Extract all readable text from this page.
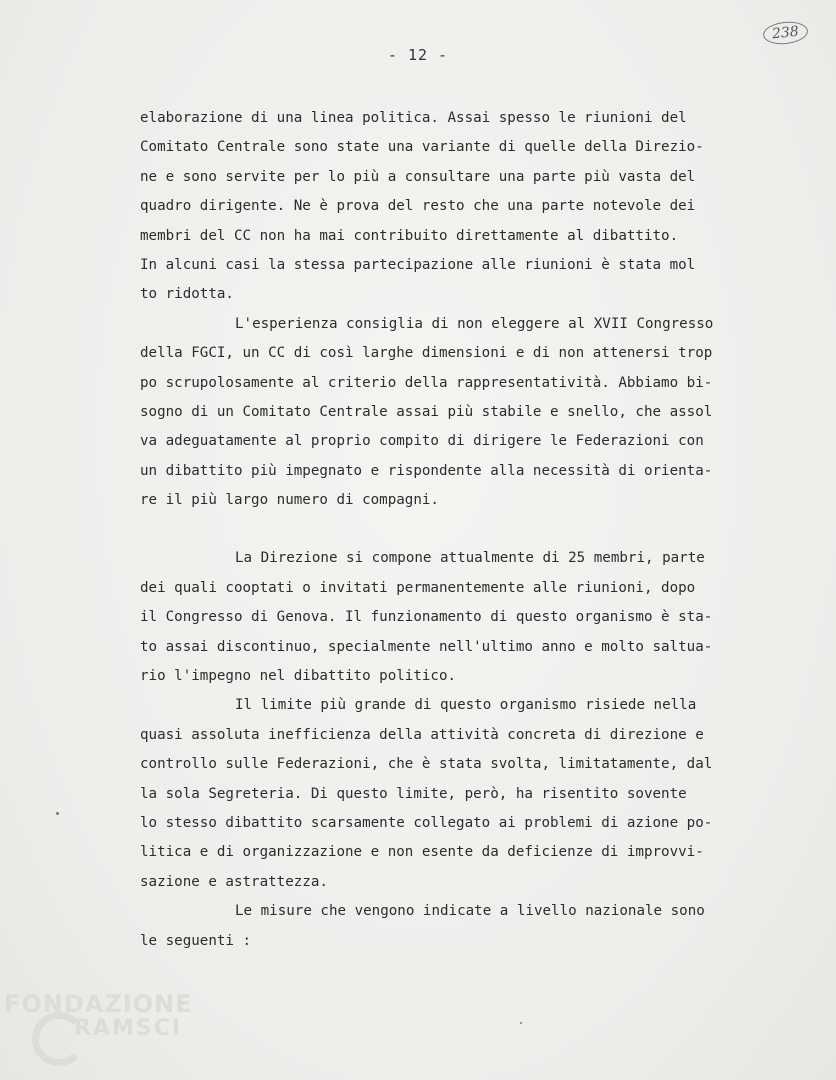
238
- 12 -
elaborazione di una linea politica. Assai spesso le riunioni del
Comitato Centrale sono state una variante di quelle della Direzio-
ne e sono servite per lo più a consultare una parte più vasta del
quadro dirigente. Ne è prova del resto che una parte notevole dei
membri del CC non ha mai contribuito direttamente al dibattito.
In alcuni casi la stessa partecipazione alle riunioni è stata mol
to ridotta.
L'esperienza consiglia di non eleggere al XVII Congresso
della FGCI, un CC di così larghe dimensioni e di non attenersi trop
po scrupolosamente al criterio della rappresentatività. Abbiamo bi-
sogno di un Comitato Centrale assai più stabile e snello, che assol
va adeguatamente al proprio compito di dirigere le Federazioni con
un dibattito più impegnato e rispondente alla necessità di orienta-
re il più largo numero di compagni.
La Direzione si compone attualmente di 25 membri, parte
dei quali cooptati o invitati permanentemente alle riunioni, dopo
il Congresso di Genova. Il funzionamento di questo organismo è sta-
to assai discontinuo, specialmente nell'ultimo anno e molto saltua-
rio l'impegno nel dibattito politico.
Il limite più grande di questo organismo risiede nella
quasi assoluta inefficienza della attività concreta di direzione e
controllo sulle Federazioni, che è stata svolta, limitatamente, dal
la sola Segreteria. Di questo limite, però, ha risentito sovente
lo stesso dibattito scarsamente collegato ai problemi di azione po-
litica e di organizzazione e non esente da deficienze di improvvi-
sazione e astrattezza.
Le misure che vengono indicate a livello nazionale sono
le seguenti :
FONDAZIONE
RAMSCI
